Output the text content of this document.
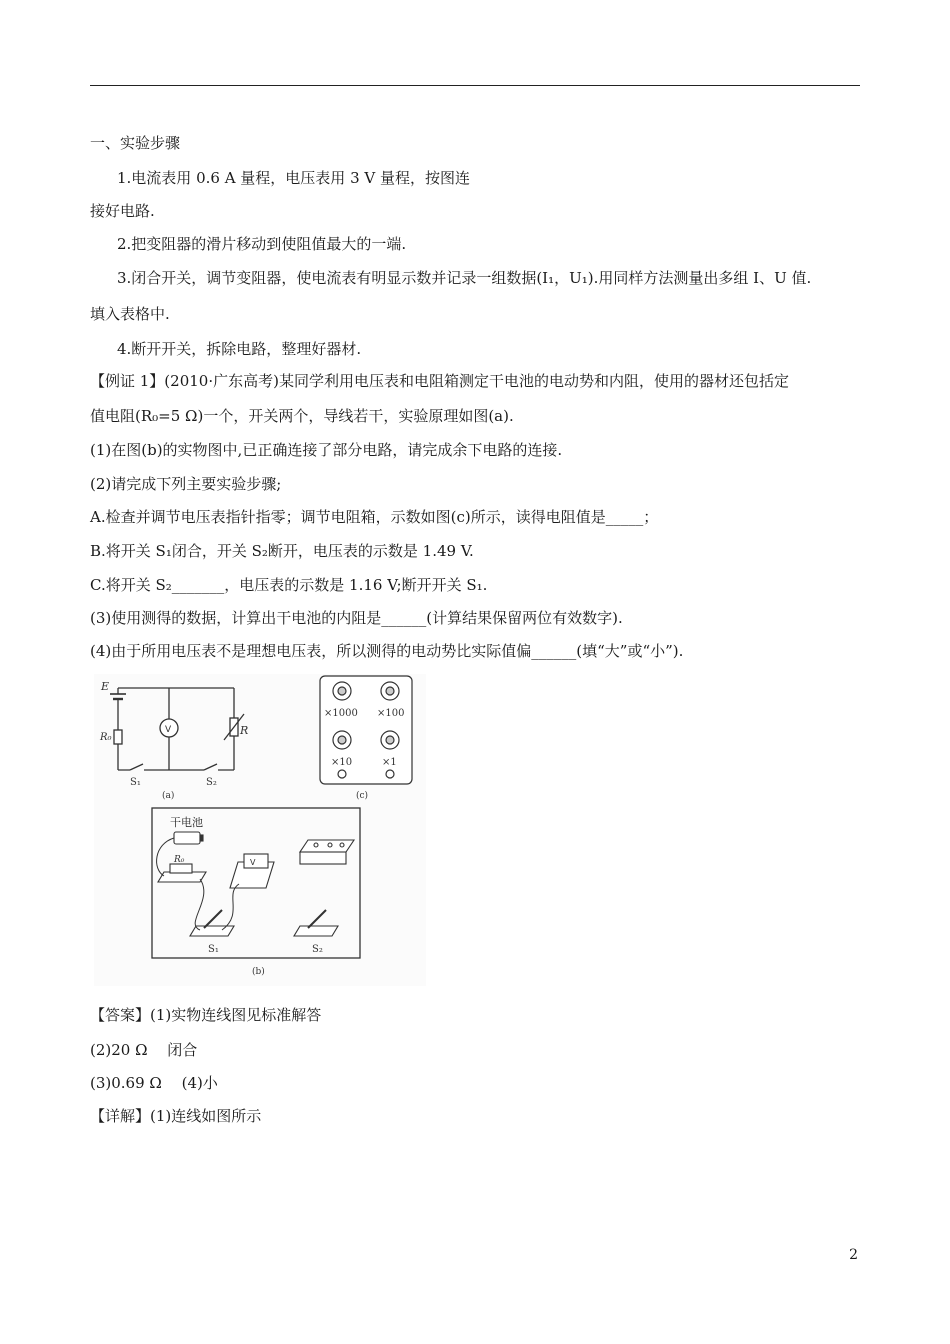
一、实验步骤
1.电流表用 0.6 A 量程，电压表用 3 V 量程，按图连
接好电路.
2.把变阻器的滑片移动到使阻值最大的一端.
3.闭合开关，调节变阻器，使电流表有明显示数并记录一组数据(I₁，U₁).用同样方法测量出多组 I、U 值.
填入表格中.
4.断开开关，拆除电路，整理好器材.
【例证 1】(2010·广东高考)某同学利用电压表和电阻箱测定干电池的电动势和内阻，使用的器材还包括定
值电阻(R₀=5 Ω)一个，开关两个，导线若干，实验原理如图(a).
(1)在图(b)的实物图中,已正确连接了部分电路，请完成余下电路的连接.
(2)请完成下列主要实验步骤;
A.检查并调节电压表指针指零；调节电阻箱，示数如图(c)所示，读得电阻值是_____；
B.将开关 S₁闭合，开关 S₂断开，电压表的示数是 1.49 V.
C.将开关 S₂_______，电压表的示数是 1.16 V;断开开关 S₁.
(3)使用测得的数据，计算出干电池的内阻是______(计算结果保留两位有效数字).
(4)由于所用电压表不是理想电压表，所以测得的电动势比实际值偏______(填“大”或“小”).
E
R₀
V	R
S₁	S₂
(a)
×1000 ×100
×10	×1
(c)
干电池
R₀	V
S₁	S₂
(b)
【答案】(1)实物连线图见标准解答
(2)20 Ω 　闭合
(3)0.69 Ω 　(4)小
【详解】(1)连线如图所示
2
